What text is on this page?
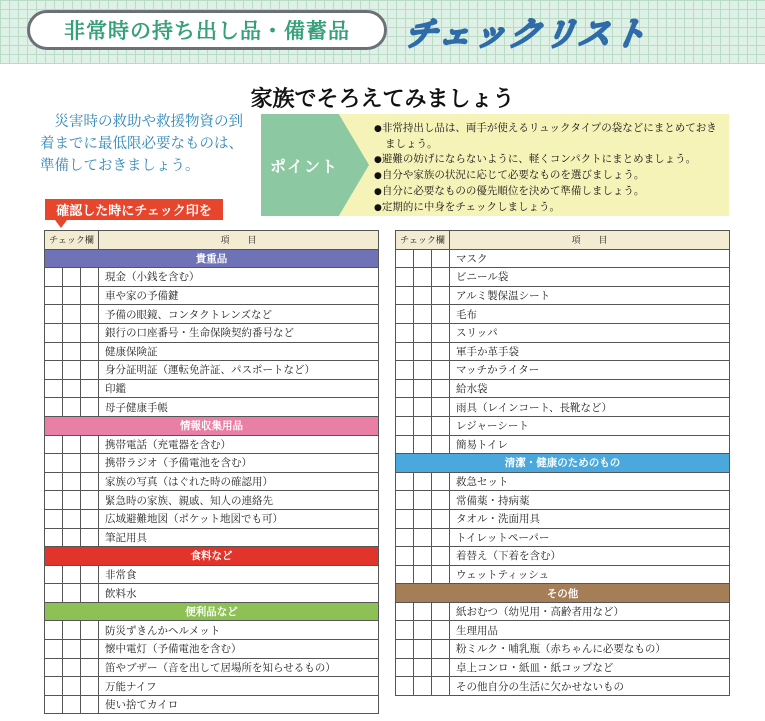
非常時の持ち出し品・備蓄品	チェックリスト
家族でそろえてみましょう
災害時の救助や救援物資の到着までに最低限必要なものは、準備しておきましょう。	ポイント
● 非常持出し品は、両手が使えるリュックタイプの袋などにまとめておきましょう。
● 避難の妨げにならないように、軽くコンパクトにまとめましょう。
● 自分や家族の状況に応じて必要なものを選びましょう。
● 自分に必要なものの優先順位を決めて準備しましょう。
● 定期的に中身をチェックしましょう。
確認した時にチェック印を
チェック欄			項　　目
貴重品			
			現金（小銭を含む）
			車や家の予備鍵
			予備の眼鏡、コンタクトレンズなど
			銀行の口座番号・生命保険契約番号など
			健康保険証
			身分証明証（運転免許証、パスポートなど）
			印鑑
			母子健康手帳
情報収集用品			
			携帯電話（充電器を含む）
			携帯ラジオ（予備電池を含む）
			家族の写真（はぐれた時の確認用）
			緊急時の家族、親戚、知人の連絡先
			広域避難地図（ポケット地図でも可）
			筆記用具
食料など			
			非常食
			飲料水
便利品など			
			防災ずきんかヘルメット
			懐中電灯（予備電池を含む）
			笛やブザー（音を出して居場所を知らせるもの）
			万能ナイフ
			使い捨てカイロ
チェック欄			項　　目
			マスク
			ビニール袋
			アルミ製保温シート
			毛布
			スリッパ
			軍手か革手袋
			マッチかライター
			給水袋
			雨具（レインコート、長靴など）
			レジャーシート
			簡易トイレ
清潔・健康のためのもの			
			救急セット
			常備薬・持病薬
			タオル・洗面用具
			トイレットペーパー
			着替え（下着を含む）
			ウェットティッシュ
その他			
			紙おむつ（幼児用・高齢者用など）
			生理用品
			粉ミルク・哺乳瓶（赤ちゃんに必要なもの）
			卓上コンロ・紙皿・紙コップなど
			その他自分の生活に欠かせないもの
